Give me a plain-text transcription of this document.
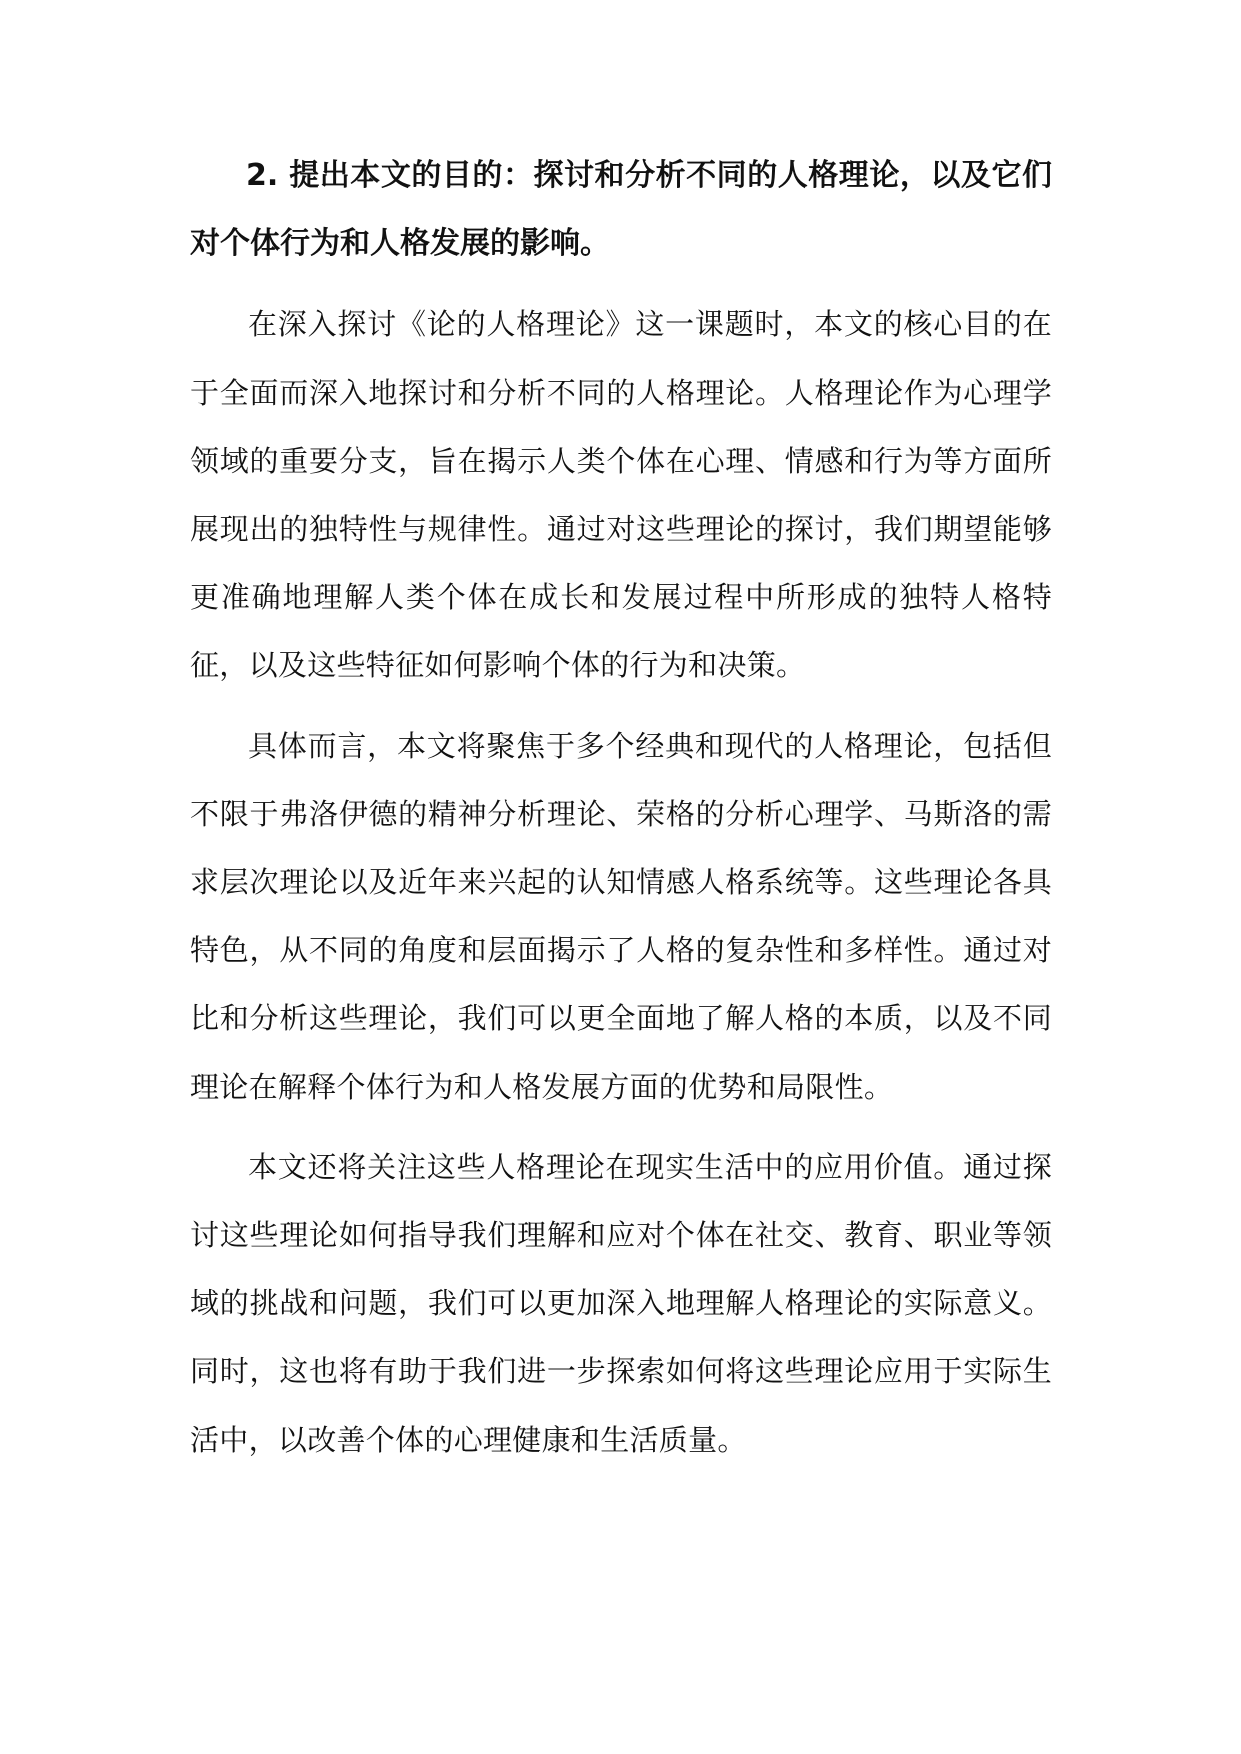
2. 提出本文的目的：探讨和分析不同的人格理论，以及它们对个体行为和人格发展的影响。

在深入探讨《论的人格理论》这一课题时，本文的核心目的在于全面而深入地探讨和分析不同的人格理论。人格理论作为心理学领域的重要分支，旨在揭示人类个体在心理、情感和行为等方面所展现出的独特性与规律性。通过对这些理论的探讨，我们期望能够更准确地理解人类个体在成长和发展过程中所形成的独特人格特征，以及这些特征如何影响个体的行为和决策。

具体而言，本文将聚焦于多个经典和现代的人格理论，包括但不限于弗洛伊德的精神分析理论、荣格的分析心理学、马斯洛的需求层次理论以及近年来兴起的认知情感人格系统等。这些理论各具特色，从不同的角度和层面揭示了人格的复杂性和多样性。通过对比和分析这些理论，我们可以更全面地了解人格的本质，以及不同理论在解释个体行为和人格发展方面的优势和局限性。

本文还将关注这些人格理论在现实生活中的应用价值。通过探讨这些理论如何指导我们理解和应对个体在社交、教育、职业等领域的挑战和问题，我们可以更加深入地理解人格理论的实际意义。同时，这也将有助于我们进一步探索如何将这些理论应用于实际生活中，以改善个体的心理健康和生活质量。
